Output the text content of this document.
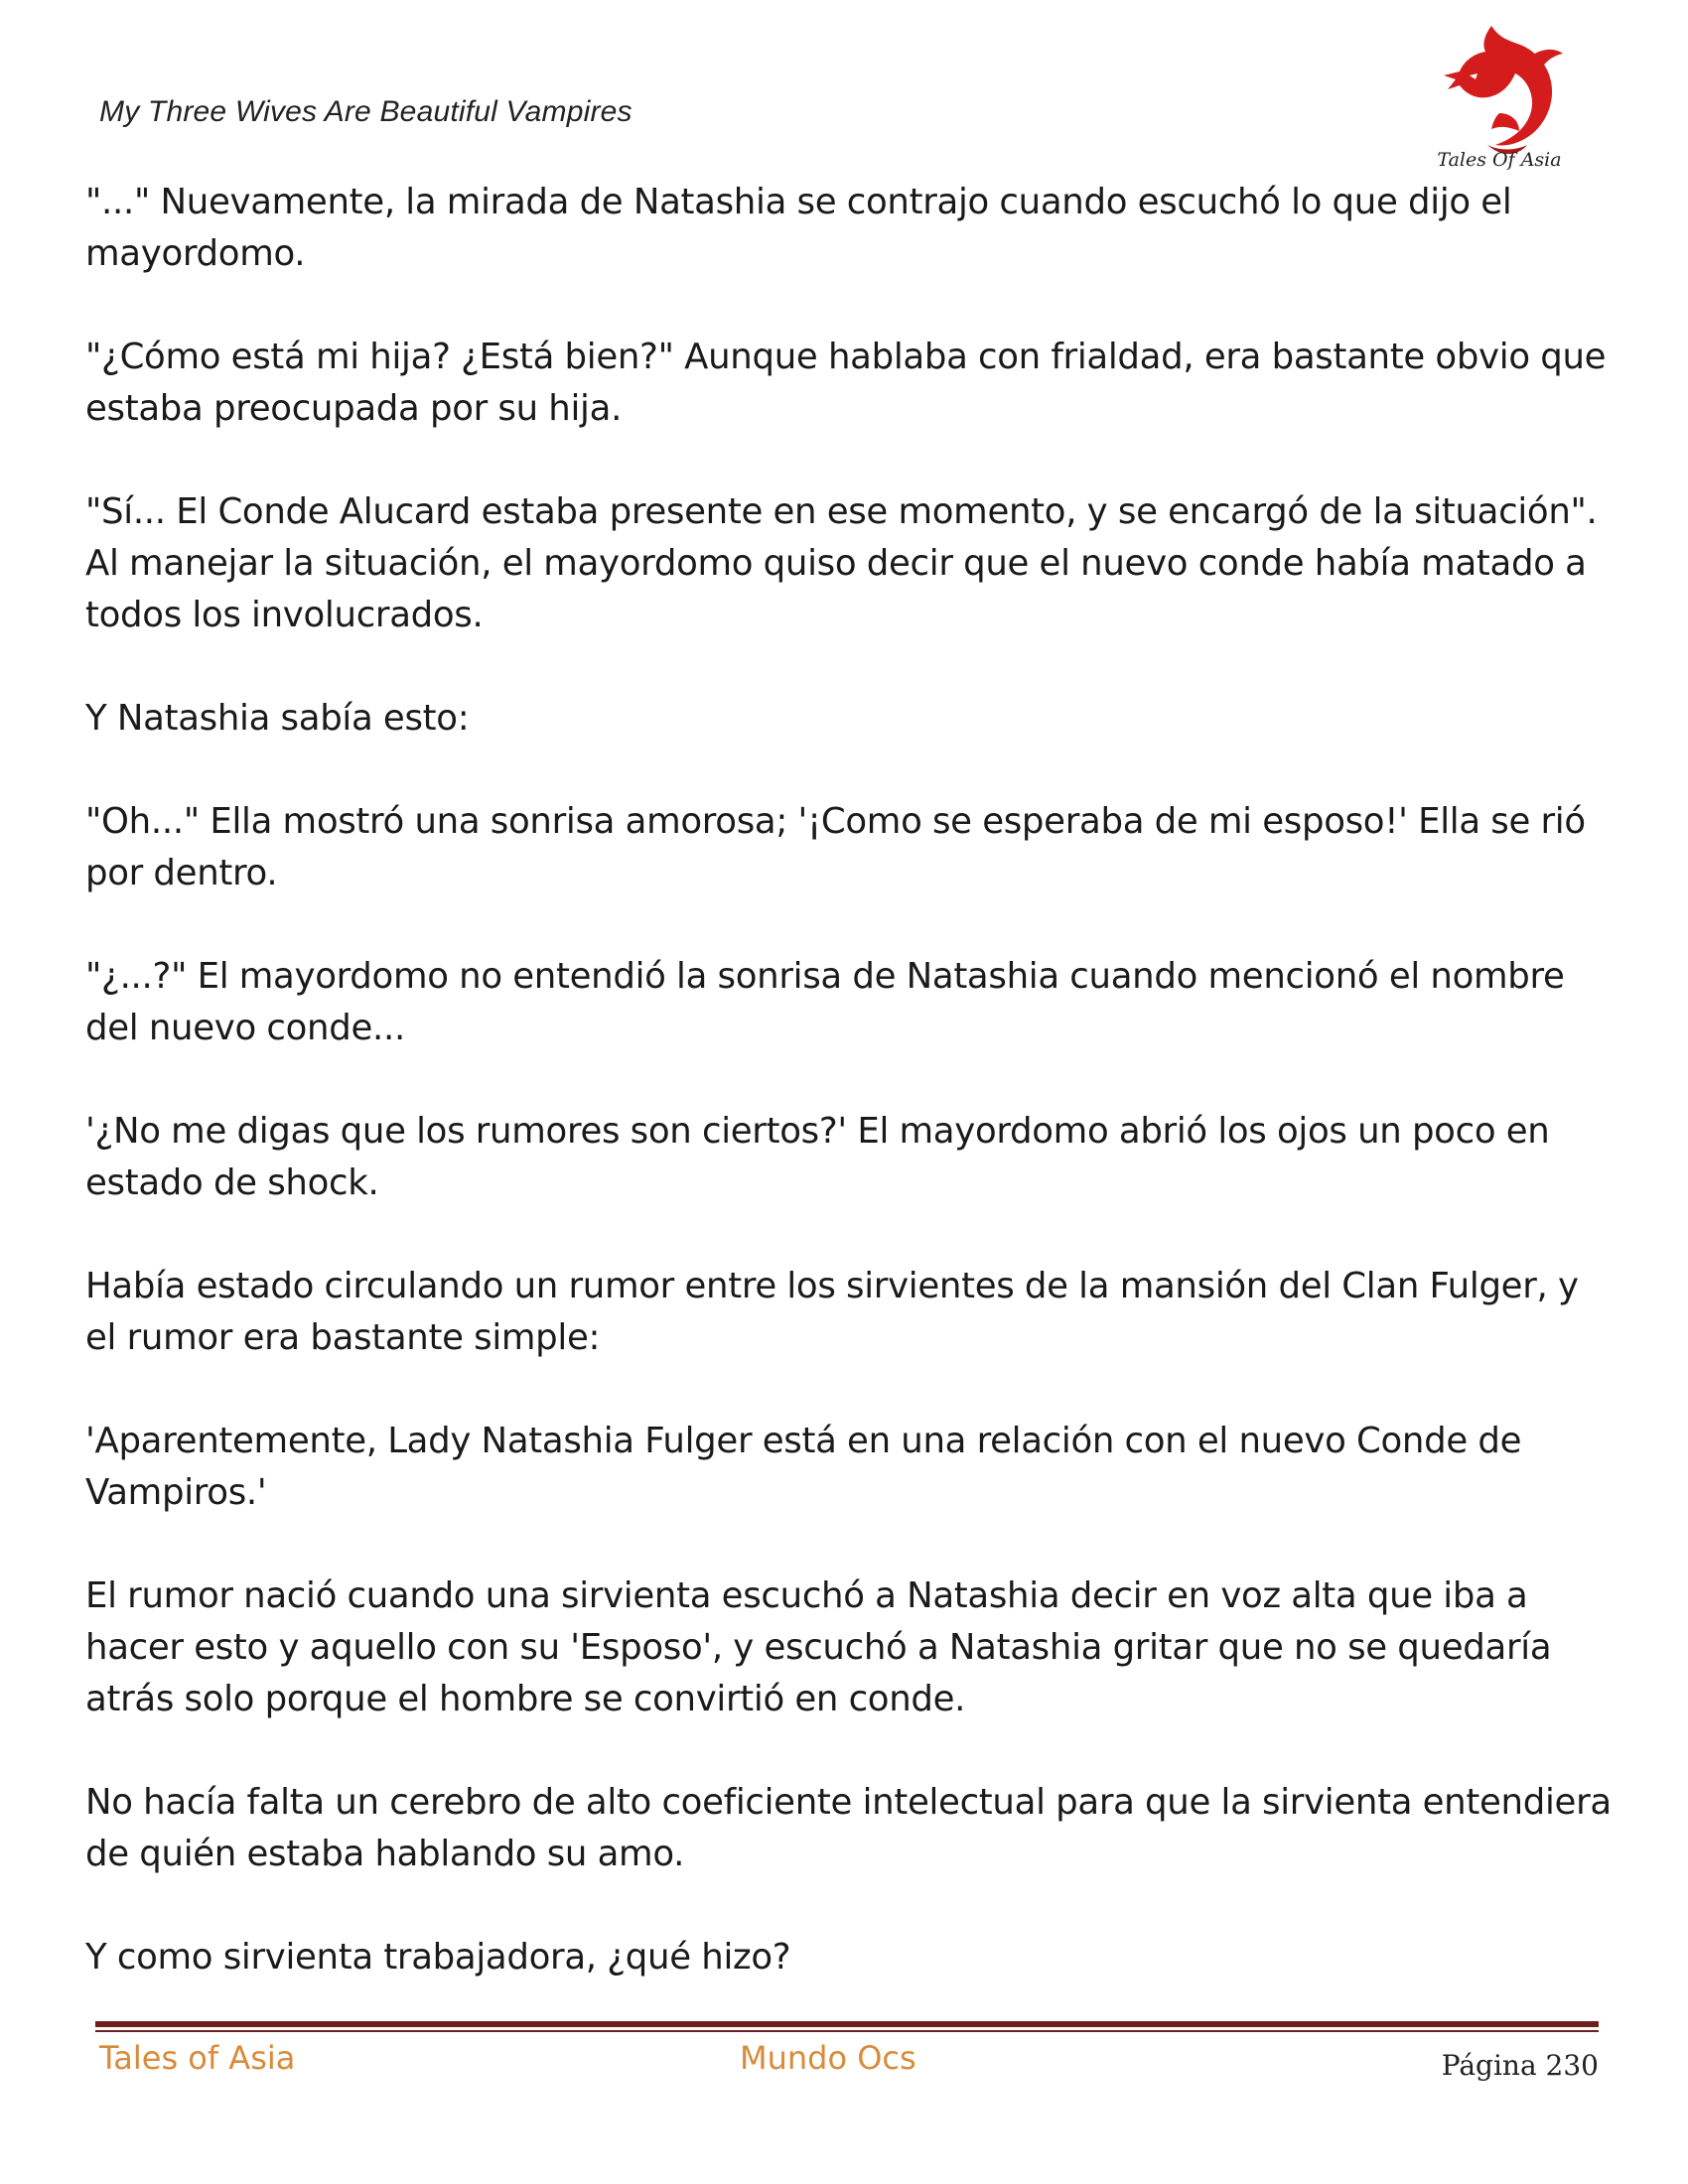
My Three Wives Are Beautiful Vampires
Tales Of Asia

"..." Nuevamente, la mirada de Natashia se contrajo cuando escuchó lo que dijo el mayordomo.

"¿Cómo está mi hija? ¿Está bien?" Aunque hablaba con frialdad, era bastante obvio que estaba preocupada por su hija.

"Sí... El Conde Alucard estaba presente en ese momento, y se encargó de la situación". Al manejar la situación, el mayordomo quiso decir que el nuevo conde había matado a todos los involucrados.

Y Natashia sabía esto:

"Oh..." Ella mostró una sonrisa amorosa; '¡Como se esperaba de mi esposo!' Ella se rió por dentro.

"¿...?" El mayordomo no entendió la sonrisa de Natashia cuando mencionó el nombre del nuevo conde...

'¿No me digas que los rumores son ciertos?' El mayordomo abrió los ojos un poco en estado de shock.

Había estado circulando un rumor entre los sirvientes de la mansión del Clan Fulger, y el rumor era bastante simple:

'Aparentemente, Lady Natashia Fulger está en una relación con el nuevo Conde de Vampiros.'

El rumor nació cuando una sirvienta escuchó a Natashia decir en voz alta que iba a hacer esto y aquello con su 'Esposo', y escuchó a Natashia gritar que no se quedaría atrás solo porque el hombre se convirtió en conde.

No hacía falta un cerebro de alto coeficiente intelectual para que la sirvienta entendiera de quién estaba hablando su amo.

Y como sirvienta trabajadora, ¿qué hizo?

Tales of Asia	Mundo Ocs	Página 230
